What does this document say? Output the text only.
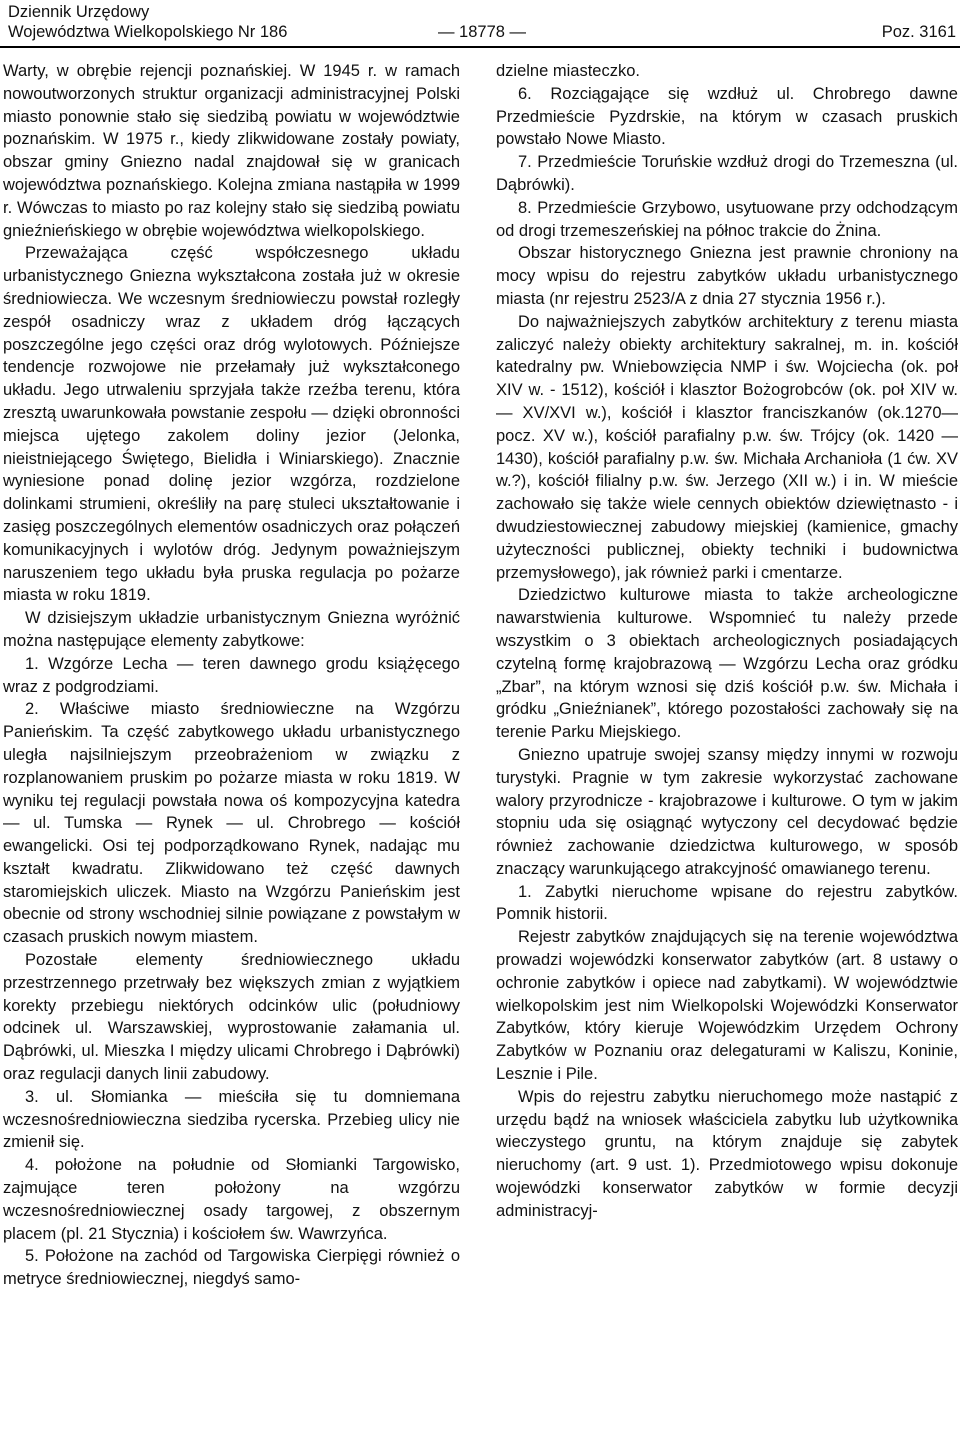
Dziennik Urzędowy
Województwa Wielkopolskiego Nr 186	Poz. 3161
— 18778 —

Warty, w obrębie rejencji poznańskiej. W 1945 r. w ramach nowoutworzonych struktur organizacji administracyjnej Polski miasto ponownie stało się siedzibą powiatu w województwie poznańskim. W 1975 r., kiedy zlikwidowane zostały powiaty, obszar gminy Gniezno nadal znajdował się w granicach województwa poznańskiego. Kolejna zmiana nastąpiła w 1999 r. Wówczas to miasto po raz kolejny stało się siedzibą powiatu gnieźnieńskiego w obrębie województwa wielkopolskiego.

Przeważająca część współczesnego układu urbanistycznego Gniezna wykształcona została już w okresie średniowiecza. We wczesnym średniowieczu powstał rozległy zespół osadniczy wraz z układem dróg łączących poszczególne jego części oraz dróg wylotowych. Późniejsze tendencje rozwojowe nie przełamały już wykształconego układu. Jego utrwaleniu sprzyjała także rzeźba terenu, która zresztą uwarunkowała powstanie zespołu — dzięki obronności miejsca ujętego zakolem doliny jezior (Jelonka, nieistniejącego Świętego, Bielidła i Winiarskiego). Znacznie wyniesione ponad dolinę jezior wzgórza, rozdzielone dolinkami strumieni, określiły na parę stuleci ukształtowanie i zasięg poszczególnych elementów osadniczych oraz połączeń komunikacyjnych i wylotów dróg. Jedynym poważniejszym naruszeniem tego układu była pruska regulacja po pożarze miasta w roku 1819.

W dzisiejszym układzie urbanistycznym Gniezna wyróżnić można następujące elementy zabytkowe:

1. Wzgórze Lecha — teren dawnego grodu książęcego wraz z podgrodziami.

2. Właściwe miasto średniowieczne na Wzgórzu Panieńskim. Ta część zabytkowego układu urbanistycznego uległa najsilniejszym przeobrażeniom w związku z rozplanowaniem pruskim po pożarze miasta w roku 1819. W wyniku tej regulacji powstała nowa oś kompozycyjna katedra — ul. Tumska — Rynek — ul. Chrobrego — kościół ewangelicki. Osi tej podporządkowano Rynek, nadając mu kształt kwadratu. Zlikwidowano też część dawnych staromiejskich uliczek. Miasto na Wzgórzu Panieńskim jest obecnie od strony wschodniej silnie powiązane z powstałym w czasach pruskich nowym miastem.

Pozostałe elementy średniowiecznego układu przestrzennego przetrwały bez większych zmian z wyjątkiem korekty przebiegu niektórych odcinków ulic (południowy odcinek ul. Warszawskiej, wyprostowanie załamania ul. Dąbrówki, ul. Mieszka I między ulicami Chrobrego i Dąbrówki) oraz regulacji danych linii zabudowy.

3. ul. Słomianka — mieściła się tu domniemana wczesnośredniowieczna siedziba rycerska. Przebieg ulicy nie zmienił się.

4. położone na południe od Słomianki Targowisko, zajmujące teren położony na wzgórzu wczesnośredniowiecznej osady targowej, z obszernym placem (pl. 21 Stycznia) i kościołem św. Wawrzyńca.

5. Położone na zachód od Targowiska Cierpięgi również o metryce średniowiecznej, niegdyś samo-

dzielne miasteczko.

6. Rozciągające się wzdłuż ul. Chrobrego dawne Przedmieście Pyzdrskie, na którym w czasach pruskich powstało Nowe Miasto.

7. Przedmieście Toruńskie wzdłuż drogi do Trzemeszna (ul. Dąbrówki).

8. Przedmieście Grzybowo, usytuowane przy odchodzącym od drogi trzemeszeńskiej na północ trakcie do Żnina.

Obszar historycznego Gniezna jest prawnie chroniony na mocy wpisu do rejestru zabytków układu urbanistycznego miasta (nr rejestru 2523/A z dnia 27 stycznia 1956 r.).

Do najważniejszych zabytków architektury z terenu miasta zaliczyć należy obiekty architektury sakralnej, m. in. kościół katedralny pw. Wniebowzięcia NMP i św. Wojciecha (ok. poł XIV w. - 1512), kościół i klasztor Bożogrobców (ok. poł XIV w. — XV/XVI w.), kościół i klasztor franciszkanów (ok.1270— pocz. XV w.), kościół parafialny p.w. św. Trójcy (ok. 1420 — 1430), kościół parafialny p.w. św. Michała Archanioła (1 ćw. XV w.?), kościół filialny p.w. św. Jerzego (XII w.) i in. W mieście zachowało się także wiele cennych obiektów dziewiętnasto - i dwudziestowiecznej zabudowy miejskiej (kamienice, gmachy użyteczności publicznej, obiekty techniki i budownictwa przemysłowego), jak również parki i cmentarze.

Dziedzictwo kulturowe miasta to także archeologiczne nawarstwienia kulturowe. Wspomnieć tu należy przede wszystkim o 3 obiektach archeologicznych posiadających czytelną formę krajobrazową — Wzgórzu Lecha oraz gródku „Zbar”, na którym wznosi się dziś kościół p.w. św. Michała i gródku „Gnieźnianek”, którego pozostałości zachowały się na terenie Parku Miejskiego.

Gniezno upatruje swojej szansy między innymi w rozwoju turystyki. Pragnie w tym zakresie wykorzystać zachowane walory przyrodnicze - krajobrazowe i kulturowe. O tym w jakim stopniu uda się osiągnąć wytyczony cel decydować będzie również zachowanie dziedzictwa kulturowego, w sposób znaczący warunkującego atrakcyjność omawianego terenu.

1. Zabytki nieruchome wpisane do rejestru zabytków. Pomnik historii.

Rejestr zabytków znajdujących się na terenie województwa prowadzi wojewódzki konserwator zabytków (art. 8 ustawy o ochronie zabytków i opiece nad zabytkami). W województwie wielkopolskim jest nim Wielkopolski Wojewódzki Konserwator Zabytków, który kieruje Wojewódzkim Urzędem Ochrony Zabytków w Poznaniu oraz delegaturami w Kaliszu, Koninie, Lesznie i Pile.

Wpis do rejestru zabytku nieruchomego może nastąpić z urzędu bądź na wniosek właściciela zabytku lub użytkownika wieczystego gruntu, na którym znajduje się zabytek nieruchomy (art. 9 ust. 1). Przedmiotowego wpisu dokonuje wojewódzki konserwator zabytków w formie decyzji administracyj-
